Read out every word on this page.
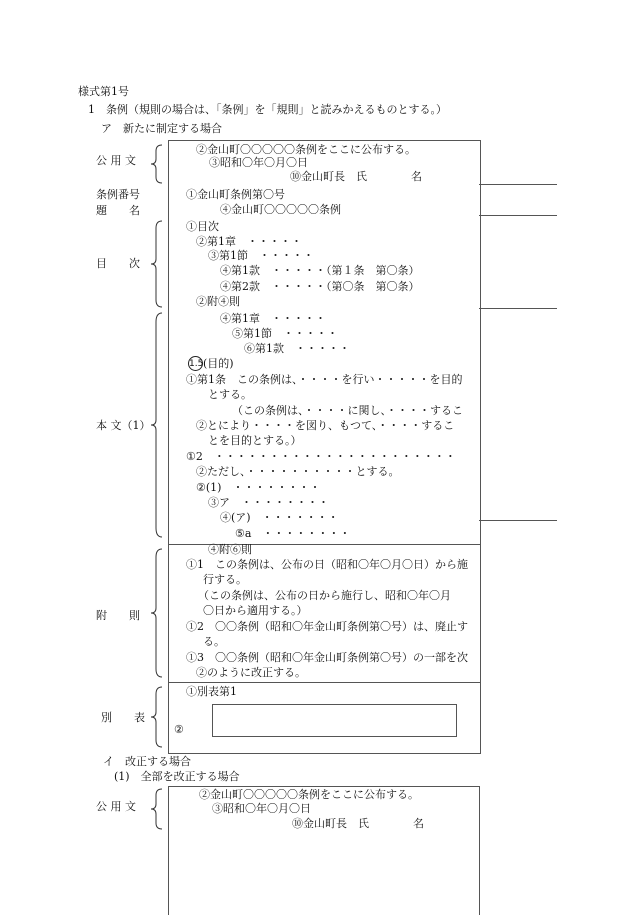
様式第1号
1　条例（規則の場合は、「条例」を「規則」と読みかえるものとする。）
ア　新たに制定する場合
公 用 文
条例番号
題　　名
目　　次
本 文（1）
附　　則
別　　表
②金山町〇〇〇〇〇条例をここに公布する。
③昭和〇年〇月〇日
⑩金山町長　氏　　　　名
①金山町条例第〇号
④金山町〇〇〇〇〇条例
①目次
②第1章　・・・・・
③第1節　・・・・・
④第1款　・・・・・（第１条　第〇条）
④第2款　・・・・・（第〇条　第〇条）
②附④則
④第1章　・・・・・
⑤第1節　・・・・・
⑥第1款　・・・・・
1.5 (目的)
①第1条　この条例は、・・・・を行い・・・・・を目的
とする。
（この条例は、・・・・に関し、・・・・するこ
②とにより・・・・を図り、もつて、・・・・するこ
とを目的とする。）
①2　・・・・・・・・・・・・・・・・・・・・・・
②ただし、・・・・・・・・・・とする。
②(1)　・・・・・・・・
③ア　・・・・・・・・
④(ア)　・・・・・・・
⑤a　・・・・・・・・
④附⑥則
①1　この条例は、公布の日（昭和〇年〇月〇日）から施
行する。
（この条例は、公布の日から施行し、昭和〇年〇月
〇日から適用する。）
①2　〇〇条例（昭和〇年金山町条例第〇号）は、廃止す
る。
①3　〇〇条例（昭和〇年金山町条例第〇号）の一部を次
②のように改正する。
①別表第1
②
イ　改正する場合
(1)　全部を改正する場合
公 用 文
②金山町〇〇〇〇〇条例をここに公布する。
③昭和〇年〇月〇日
⑩金山町長　氏　　　　名
